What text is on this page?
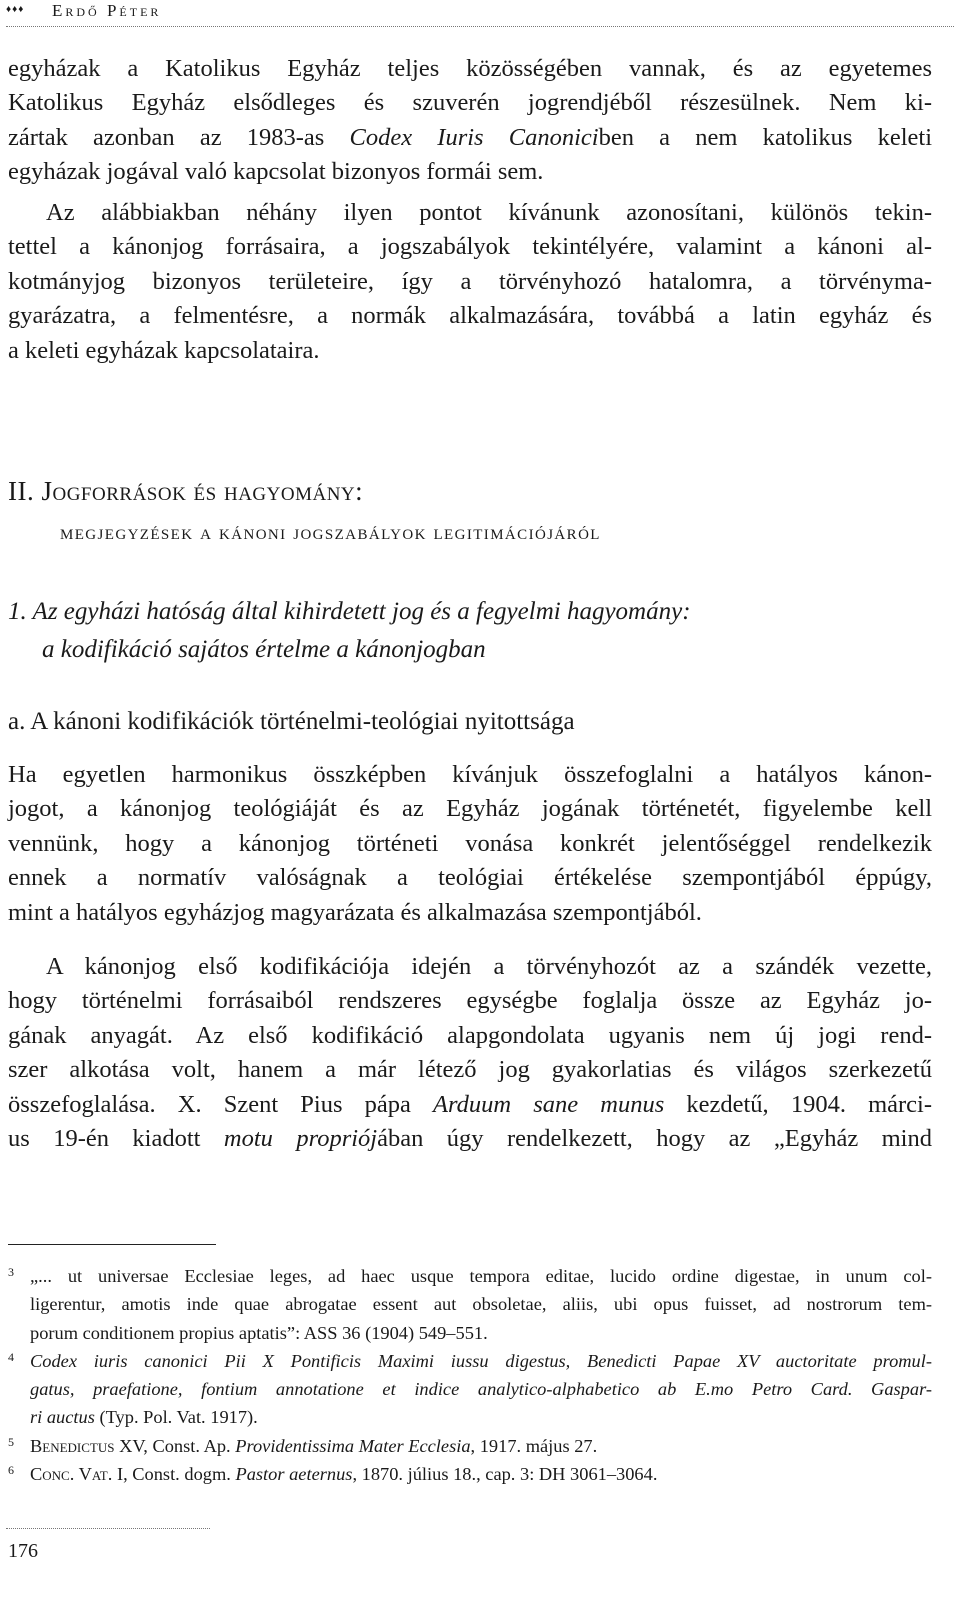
♦♦♦ Erdő Péter
egyházak a Katolikus Egyház teljes közösségében vannak, és az egyetemes
Katolikus Egyház elsődleges és szuverén jogrendjéből részesülnek. Nem ki-
zártak azonban az 1983-as Codex Iuris Canoniciben a nem katolikus keleti
egyházak jogával való kapcsolat bizonyos formái sem.
Az alábbiakban néhány ilyen pontot kívánunk azonosítani, különös tekin-
tettel a kánonjog forrásaira, a jogszabályok tekintélyére, valamint a kánoni al-
kotmányjog bizonyos területeire, így a törvényhozó hatalomra, a törvényma-
gyarázatra, a felmentésre, a normák alkalmazására, továbbá a latin egyház és
a keleti egyházak kapcsolataira.
II. Jogforrások és hagyomány:
megjegyzések a kánoni jogszabályok legitimációjáról
1. Az egyházi hatóság által kihirdetett jog és a fegyelmi hagyomány:
a kodifikáció sajátos értelme a kánonjogban
a. A kánoni kodifikációk történelmi-teológiai nyitottsága
Ha egyetlen harmonikus összképben kívánjuk összefoglalni a hatályos kánon-
jogot, a kánonjog teológiáját és az Egyház jogának történetét, figyelembe kell
vennünk, hogy a kánonjog történeti vonása konkrét jelentőséggel rendelkezik
ennek a normatív valóságnak a teológiai értékelése szempontjából éppúgy,
mint a hatályos egyházjog magyarázata és alkalmazása szempontjából.
A kánonjog első kodifikációja idején a törvényhozót az a szándék vezette,
hogy történelmi forrásaiból rendszeres egységbe foglalja össze az Egyház jo-
gának anyagát. Az első kodifikáció alapgondolata ugyanis nem új jogi rend-
szer alkotása volt, hanem a már létező jog gyakorlatias és világos szerkezetű
összefoglalása. X. Szent Pius pápa Arduum sane munus kezdetű, 1904. márci-
us 19-én kiadott motu propriójában úgy rendelkezett, hogy az „Egyház mind
3 „... ut universae Ecclesiae leges, ad haec usque tempora editae, lucido ordine digestae, in unum col-
ligerentur, amotis inde quae abrogatae essent aut obsoletae, aliis, ubi opus fuisset, ad nostrorum tem-
porum conditionem propius aptatis”: ASS 36 (1904) 549–551.
4 Codex iuris canonici Pii X Pontificis Maximi iussu digestus, Benedicti Papae XV auctoritate promul-
gatus, praefatione, fontium annotatione et indice analytico-alphabetico ab E.mo Petro Card. Gaspar-
ri auctus (Typ. Pol. Vat. 1917).
5 Benedictus XV, Const. Ap. Providentissima Mater Ecclesia, 1917. május 27.
6 Conc. Vat. I, Const. dogm. Pastor aeternus, 1870. július 18., cap. 3: DH 3061–3064.
176
